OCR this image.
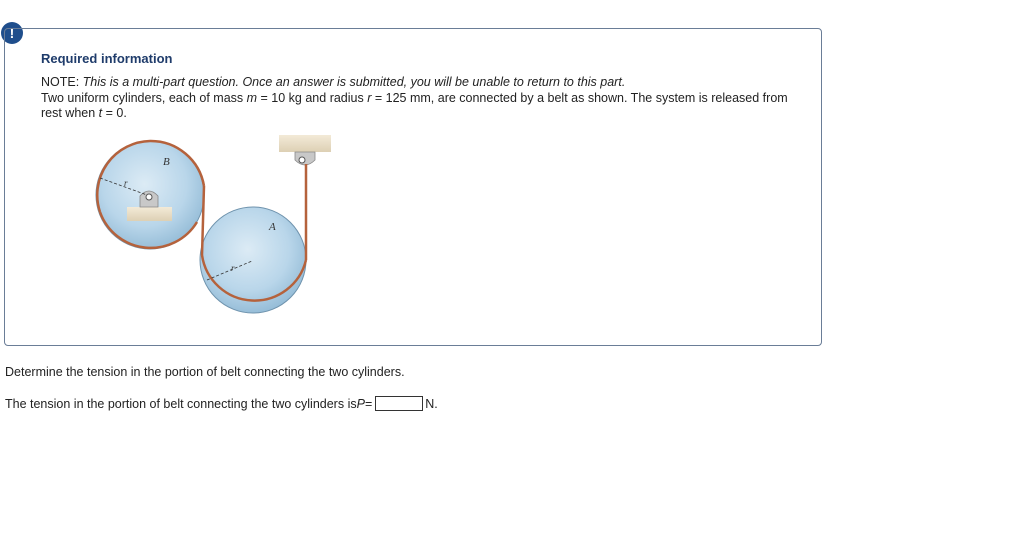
!
Required information
NOTE: This is a multi-part question. Once an answer is submitted, you will be unable to return to this part.
Two uniform cylinders, each of mass m = 10 kg and radius r = 125 mm, are connected by a belt as shown. The system is released from rest when t = 0.
B
A
r
r
Determine the tension in the portion of belt connecting the two cylinders.
The tension in the portion of belt connecting the two cylinders is P =	N.
